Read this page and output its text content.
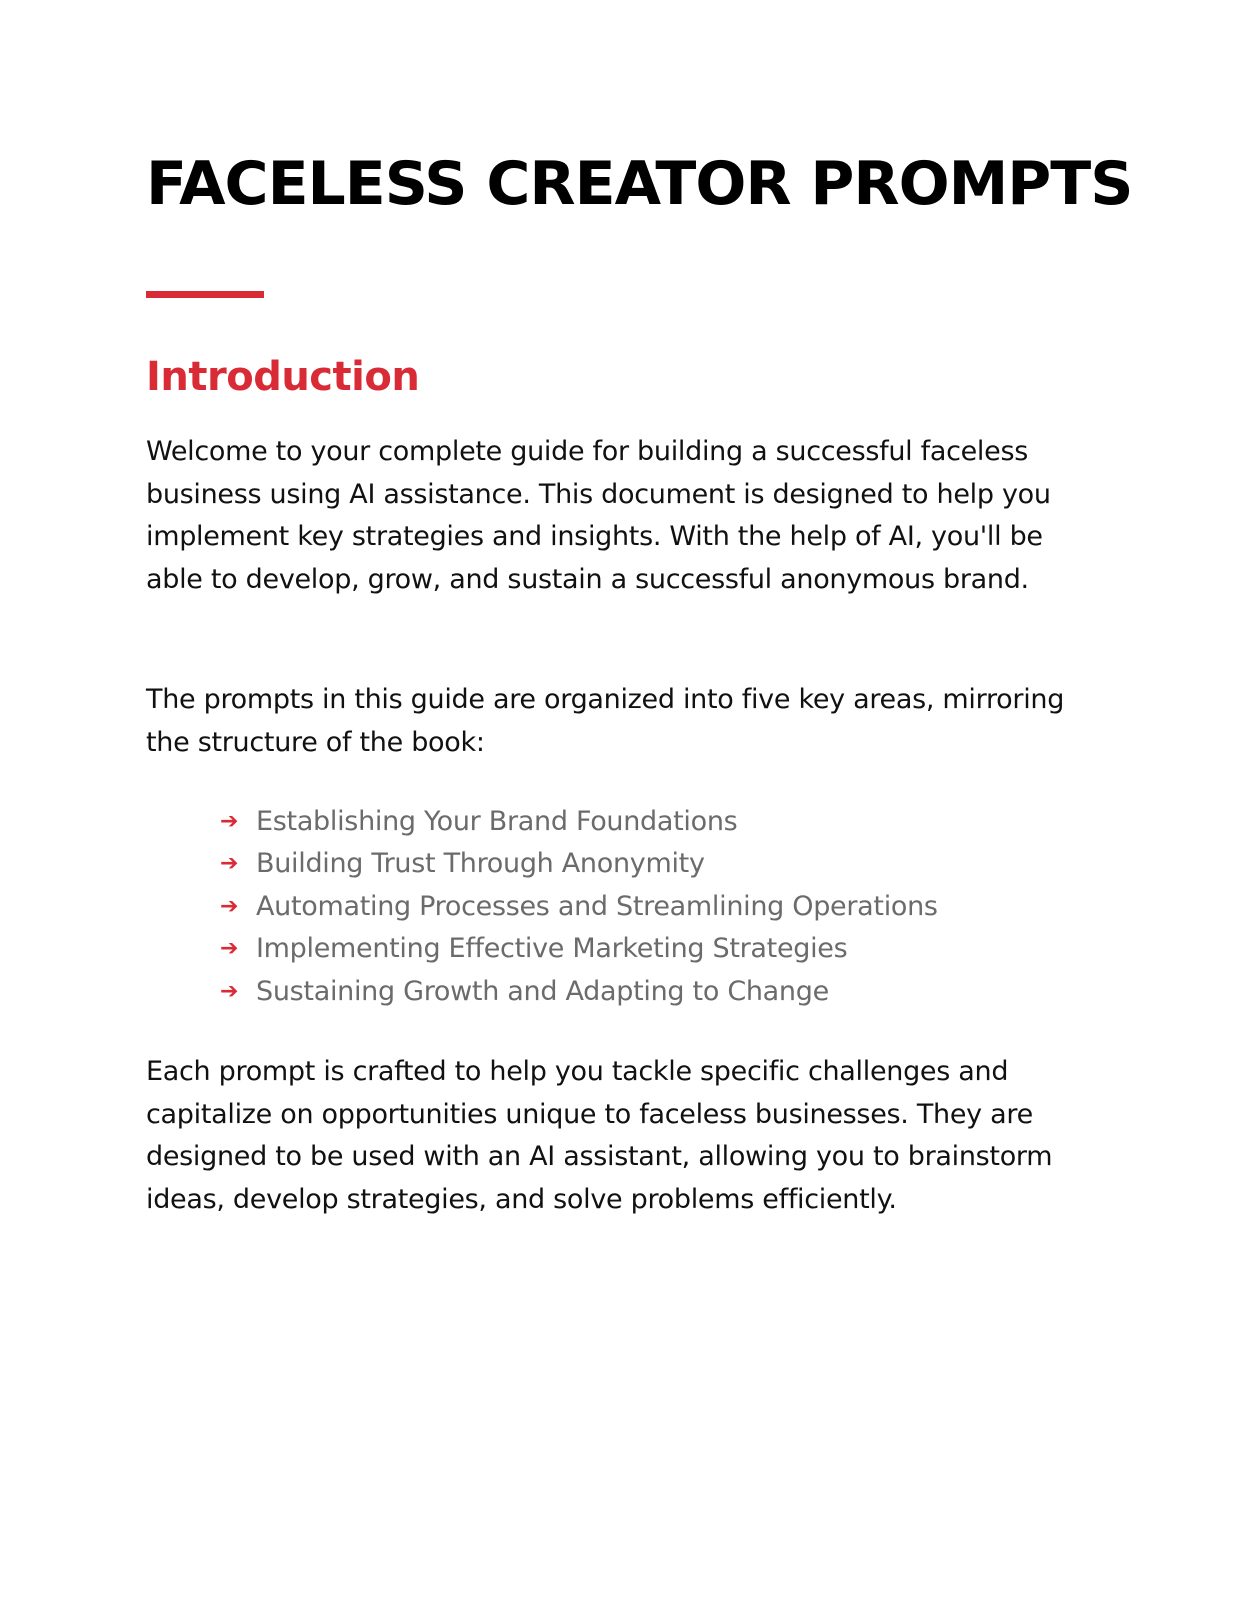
FACELESS CREATOR PROMPTS
Introduction

Welcome to your complete guide for building a successful faceless business using AI assistance. This document is designed to help you implement key strategies and insights. With the help of AI, you'll be able to develop, grow, and sustain a successful anonymous brand.

The prompts in this guide are organized into five key areas, mirroring the structure of the book:

➔ Establishing Your Brand Foundations
➔ Building Trust Through Anonymity
➔ Automating Processes and Streamlining Operations
➔ Implementing Effective Marketing Strategies
➔ Sustaining Growth and Adapting to Change

Each prompt is crafted to help you tackle specific challenges and capitalize on opportunities unique to faceless businesses. They are designed to be used with an AI assistant, allowing you to brainstorm ideas, develop strategies, and solve problems efficiently.
